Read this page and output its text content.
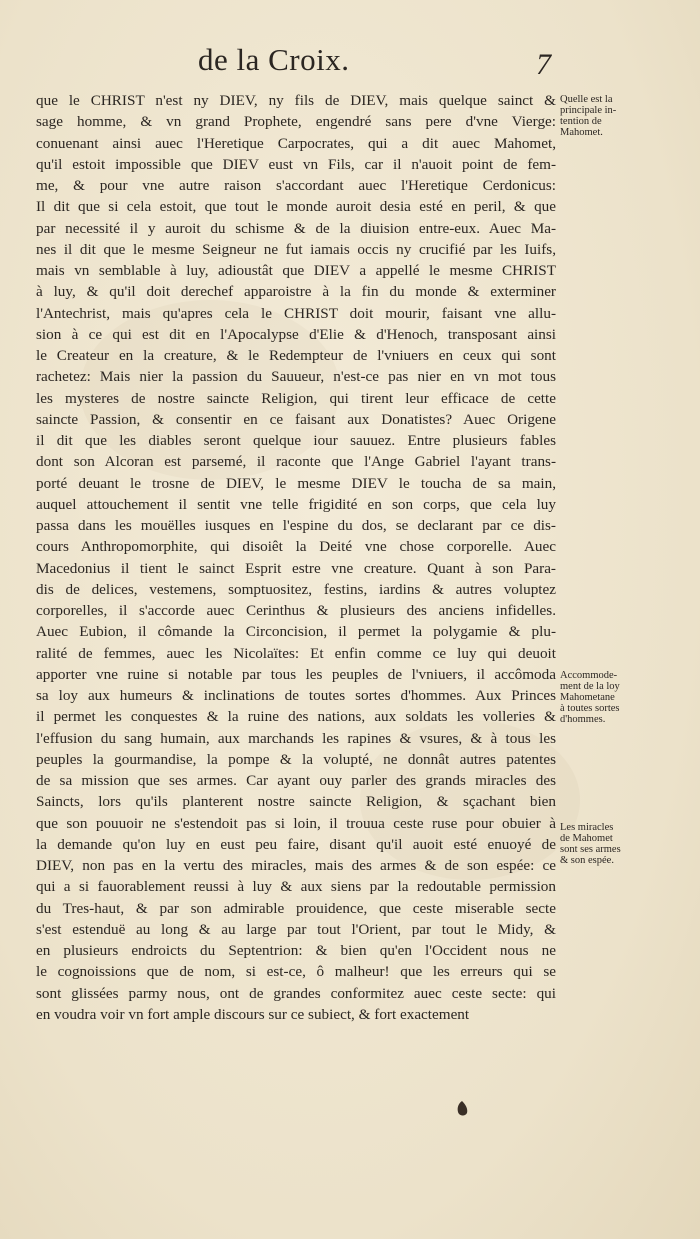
de la Croix.	7
que le CHRIST n'est ny DIEV, ny fils de DIEV, mais quelque sainct &
sage homme, & vn grand Prophete, engendré sans pere d'vne Vierge:
conuenant ainsi auec l'Heretique Carpocrates, qui a dit auec Mahomet,
qu'il estoit impossible que DIEV eust vn Fils, car il n'auoit point de fem-
me, & pour vne autre raison s'accordant auec l'Heretique Cerdonicus:
Il dit que si cela estoit, que tout le monde auroit desia esté en peril, & que
par necessité il y auroit du schisme & de la diuision entre-eux. Auec Ma-
nes il dit que le mesme Seigneur ne fut iamais occis ny crucifié par les Iuifs,
mais vn semblable à luy, adioustât que DIEV a appellé le mesme CHRIST
à luy, & qu'il doit derechef apparoistre à la fin du monde & exterminer
l'Antechrist, mais qu'apres cela le CHRIST doit mourir, faisant vne allu-
sion à ce qui est dit en l'Apocalypse d'Elie & d'Henoch, transposant ainsi
le Createur en la creature, & le Redempteur de l'vniuers en ceux qui sont
rachetez: Mais nier la passion du Sauueur, n'est-ce pas nier en vn mot tous
les mysteres de nostre saincte Religion, qui tirent leur efficace de cette
saincte Passion, & consentir en ce faisant aux Donatistes? Auec Origene
il dit que les diables seront quelque iour sauuez. Entre plusieurs fables
dont son Alcoran est parsemé, il raconte que l'Ange Gabriel l'ayant trans-
porté deuant le trosne de DIEV, le mesme DIEV le toucha de sa main,
auquel attouchement il sentit vne telle frigidité en son corps, que cela luy
passa dans les mouëlles iusques en l'espine du dos, se declarant par ce dis-
cours Anthropomorphite, qui disoiêt la Deité vne chose corporelle. Auec
Macedonius il tient le sainct Esprit estre vne creature. Quant à son Para-
dis de delices, vestemens, somptuositez, festins, iardins & autres voluptez
corporelles, il s'accorde auec Cerinthus & plusieurs des anciens infidelles.
Auec Eubion, il cômande la Circoncision, il permet la polygamie & plu-
ralité de femmes, auec les Nicolaïtes: Et enfin comme ce luy qui deuoit
apporter vne ruine si notable par tous les peuples de l'vniuers, il accômoda
sa loy aux humeurs & inclinations de toutes sortes d'hommes. Aux Princes
il permet les conquestes & la ruine des nations, aux soldats les volleries &
l'effusion du sang humain, aux marchands les rapines & vsures, & à tous les
peuples la gourmandise, la pompe & la volupté, ne donnât autres patentes
de sa mission que ses armes. Car ayant ouy parler des grands miracles des
Saincts, lors qu'ils planterent nostre saincte Religion, & sçachant bien
que son pouuoir ne s'estendoit pas si loin, il trouua ceste ruse pour obuier à
la demande qu'on luy en eust peu faire, disant qu'il auoit esté enuoyé de
DIEV, non pas en la vertu des miracles, mais des armes & de son espée: ce
qui a si fauorablement reussi à luy & aux siens par la redoutable permission
du Tres-haut, & par son admirable prouidence, que ceste miserable secte
s'est estenduë au long & au large par tout l'Orient, par tout le Midy, &
en plusieurs endroicts du Septentrion: & bien qu'en l'Occident nous ne
le cognoissions que de nom, si est-ce, ô malheur! que les erreurs qui se
sont glissées parmy nous, ont de grandes conformitez auec ceste secte: qui
en voudra voir vn fort ample discours sur ce subiect, & fort exactement
Quelle est la
principale in-
tention de
Mahomet.
Accommode-
ment de la loy
Mahometane
à toutes sortes
d'hommes.
Les miracles
de Mahomet
sont ses armes
& son espée.
